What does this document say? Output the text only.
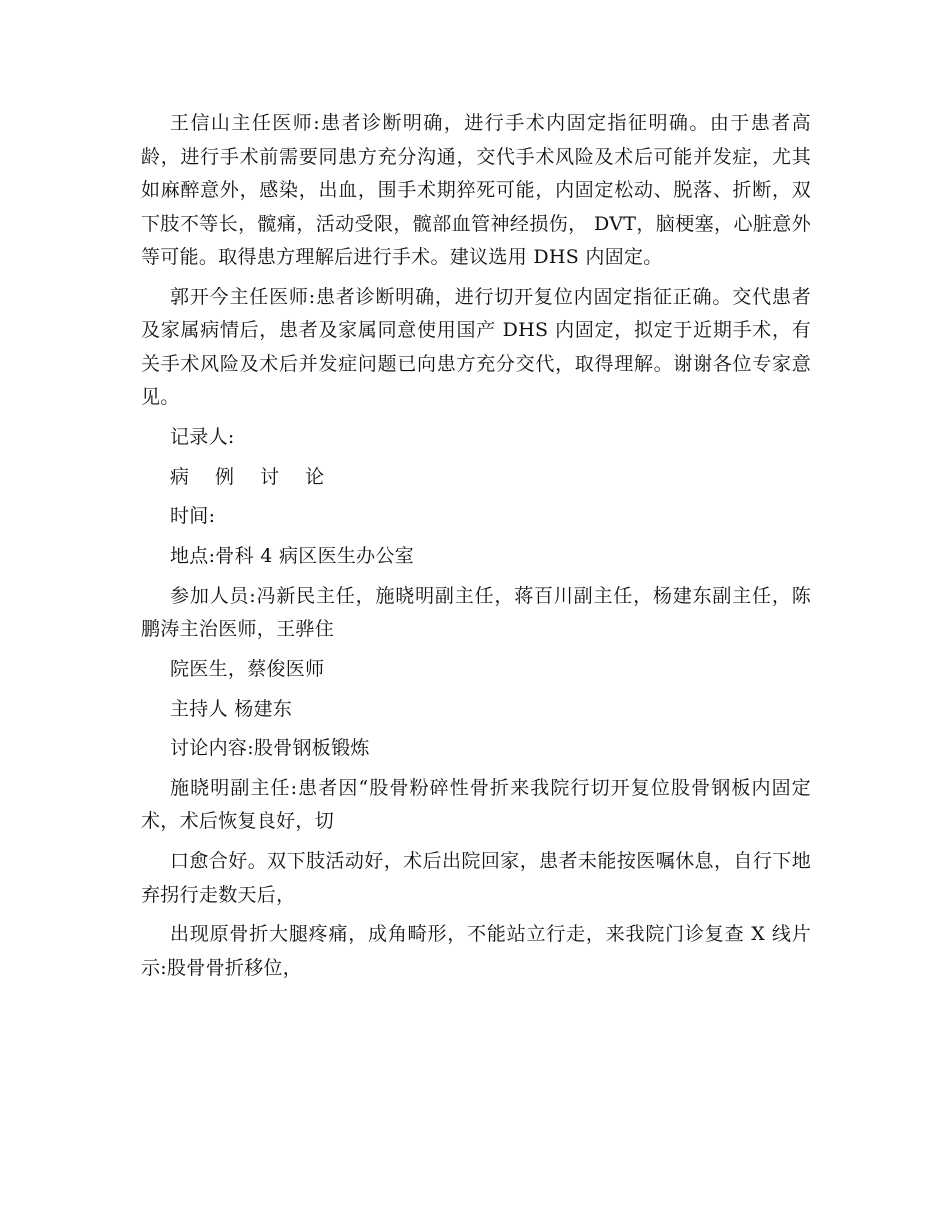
王信山主任医师:患者诊断明确，进行手术内固定指征明确。由于患者高龄，进行手术前需要同患方充分沟通，交代手术风险及术后可能并发症，尤其如麻醉意外，感染，出血，围手术期猝死可能，内固定松动、脱落、折断，双下肢不等长，髋痛，活动受限，髋部血管神经损伤， DVT，脑梗塞，心脏意外等可能。取得患方理解后进行手术。建议选用 DHS 内固定。

郭开今主任医师:患者诊断明确，进行切开复位内固定指征正确。交代患者及家属病情后，患者及家属同意使用国产 DHS 内固定，拟定于近期手术，有关手术风险及术后并发症问题已向患方充分交代，取得理解。谢谢各位专家意见。

记录人:

病 例 讨 论

时间:

地点:骨科 4 病区医生办公室

参加人员:冯新民主任，施晓明副主任，蒋百川副主任，杨建东副主任，陈鹏涛主治医师，王骅住

院医生，蔡俊医师

主持人 杨建东

讨论内容:股骨钢板锻炼

施晓明副主任:患者因“股骨粉碎性骨折来我院行切开复位股骨钢板内固定术，术后恢复良好，切

口愈合好。双下肢活动好，术后出院回家，患者未能按医嘱休息，自行下地弃拐行走数天后，

出现原骨折大腿疼痛，成角畸形，不能站立行走，来我院门诊复查 X 线片示:股骨骨折移位，
